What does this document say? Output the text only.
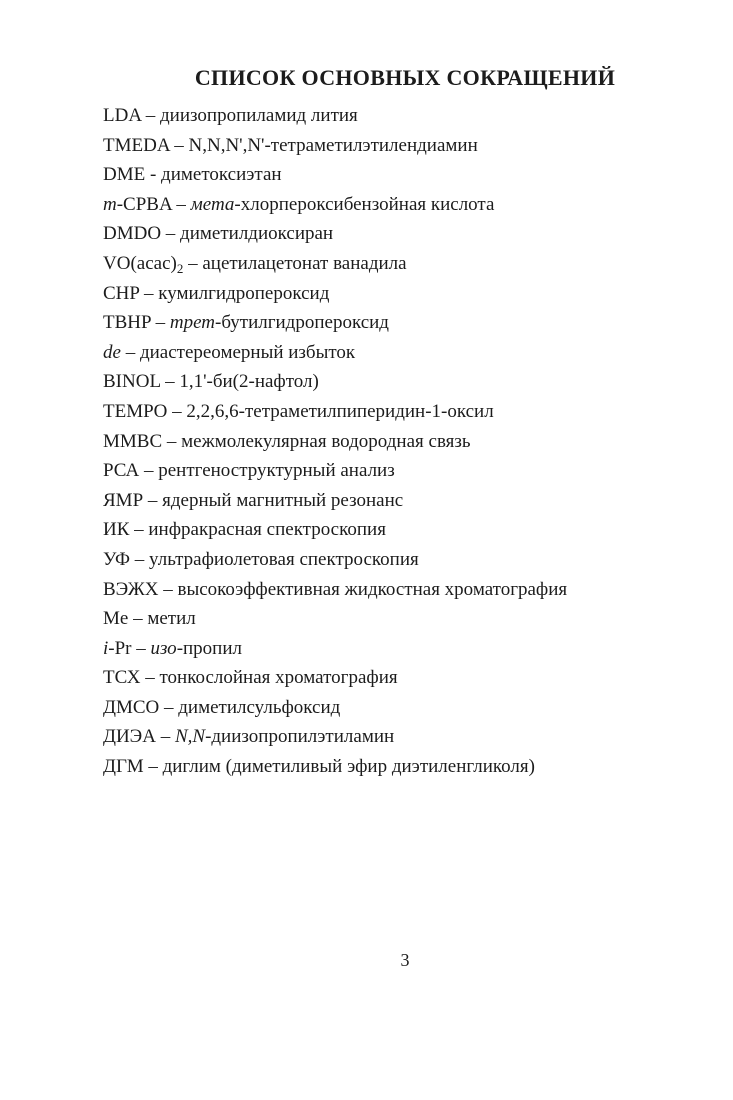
СПИСОК ОСНОВНЫХ СОКРАЩЕНИЙ

LDA – диизопропиламид лития

TMEDA – N,N,N',N'-тетраметилэтилендиамин

DME - диметоксиэтан

m-CPBA – мета-хлорпероксибензойная кислота

DMDO – диметилдиоксиран

$VO(acac)_2$ – ацетилацетонат ванадила

CHP – кумилгидропероксид

TBHP – трет-бутилгидропероксид

de – диастереомерный избыток

BINOL – 1,1'-би(2-нафтол)

TEMPO – 2,2,6,6-тетраметилпиперидин-1-оксил

ММВС – межмолекулярная водородная связь

РСА – рентгеноструктурный анализ

ЯМР – ядерный магнитный резонанс

ИК – инфракрасная спектроскопия

УФ – ультрафиолетовая спектроскопия

ВЭЖХ – высокоэффективная жидкостная хроматография

Me – метил

i-Pr – изо-пропил

ТСХ – тонкослойная хроматография

ДМСО – диметилсульфоксид

ДИЭА – N,N-диизопропилэтиламин

ДГМ – диглим (диметиливый эфир диэтиленгликоля)

3
